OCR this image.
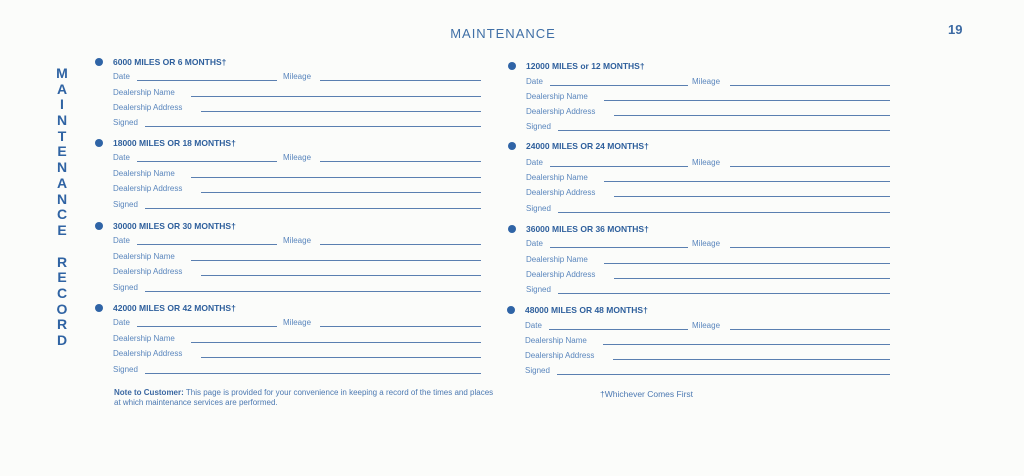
MAINTENANCE	19
M
A
I
N
T
E
N
A
N
C
E
R
E
C
O
R
D
6000 MILES OR 6 MONTHS†
Date	Mileage
Dealership Name
Dealership Address
Signed
18000 MILES OR 18 MONTHS†
Date	Mileage
Dealership Name
Dealership Address
Signed
30000 MILES OR 30 MONTHS†
Date	Mileage
Dealership Name
Dealership Address
Signed
42000 MILES OR 42 MONTHS†
Date	Mileage
Dealership Name
Dealership Address
Signed
12000 MILES or 12 MONTHS†
Date	Mileage
Dealership Name
Dealership Address
Signed
24000 MILES OR 24 MONTHS†
Date	Mileage
Dealership Name
Dealership Address
Signed
36000 MILES OR 36 MONTHS†
Date	Mileage
Dealership Name
Dealership Address
Signed
48000 MILES OR 48 MONTHS†
Date	Mileage
Dealership Name
Dealership Address
Signed
Note to Customer: This page is provided for your convenience in keeping a record of the times and places at which maintenance services are performed.
†Whichever Comes First
